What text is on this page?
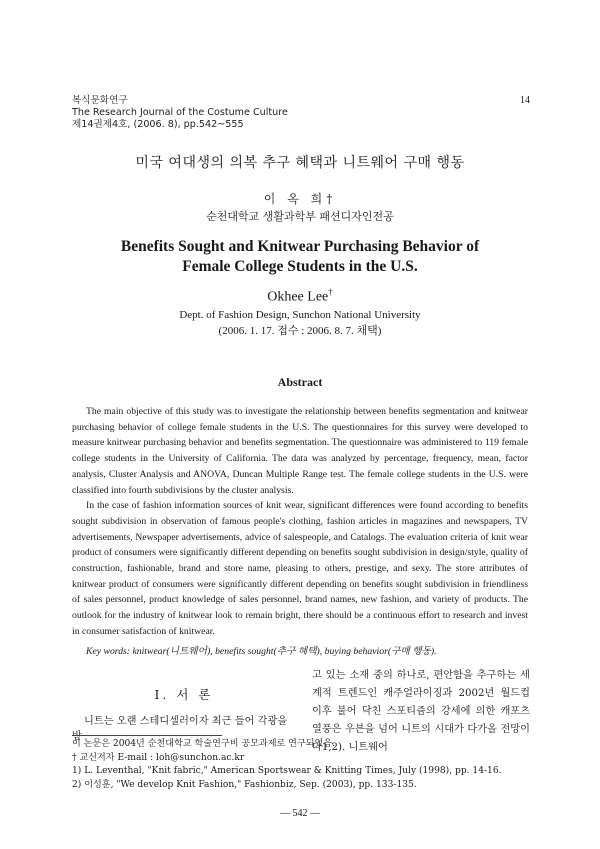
복식문화연구
The Research Journal of the Costume Culture
제14권제4호, (2006. 8), pp.542~555
14
미국 여대생의 의복 추구 혜택과 니트웨어 구매 행동
이 옥 희†
순천대학교 생활과학부 패션디자인전공
Benefits Sought and Knitwear Purchasing Behavior of
Female College Students in the U.S.
Okhee Lee†
Dept. of Fashion Design, Sunchon National University
(2006. 1. 17. 접수 : 2006. 8. 7. 채택)
Abstract

The main objective of this study was to investigate the relationship between benefits segmentation and knitwear purchasing behavior of college female students in the U.S. The questionnaires for this survey were developed to measure knitwear purchasing behavior and benefits segmentation. The questionnaire was administered to 119 female college students in the University of California. The data was analyzed by percentage, frequency, mean, factor analysis, Cluster Analysis and ANOVA, Duncan Multiple Range test. The female college students in the U.S. were classified into fourth subdivisions by the cluster analysis.

In the case of fashion information sources of knit wear, significant differences were found according to benefits sought subdivision in observation of famous people's clothing, fashion articles in magazines and newspapers, TV advertisements, Newspaper advertisements, advice of salespeople, and Catalogs. The evaluation criteria of knit wear product of consumers were significantly different depending on benefits sought subdivision in design/style, quality of construction, fashionable, brand and store name, pleasing to others, prestige, and sexy. The store attributes of knitwear product of consumers were significantly different depending on benefits sought subdivision in friendliness of sales personnel, product knowledge of sales personnel, brand names, new fashion, and variety of products. The outlook for the industry of knitwear look to remain bright, there should be a continuous effort to research and invest in consumer satisfaction of knitwear.

Key words: knitwear(니트웨어), benefits sought(추구 혜택), buying behavior(구매 행동).
I. 서 론
니트는 오랜 스테디셀러이자 최근 들어 각광을 받
고 있는 소재 중의 하나로, 편안함을 추구하는 세계적 트렌드인 캐주얼라이징과 2002년 월드컵 이후 불어 닥친 스포티즘의 강세에 의한 캐포츠 열풍은 우븐을 넘어 니트의 시대가 다가올 전망이다1,2). 니트웨어
이 논문은 2004년 순천대학교 학술연구비 공모과제로 연구되었음.
† 교신저자 E-mail : loh@sunchon.ac.kr
1) L. Leventhal, "Knit fabric," American Sportswear & Knitting Times, July (1998), pp. 14-16.
2) 이성훈, "We develop Knit Fashion," Fashionbiz, Sep. (2003), pp. 133-135.
— 542 —
